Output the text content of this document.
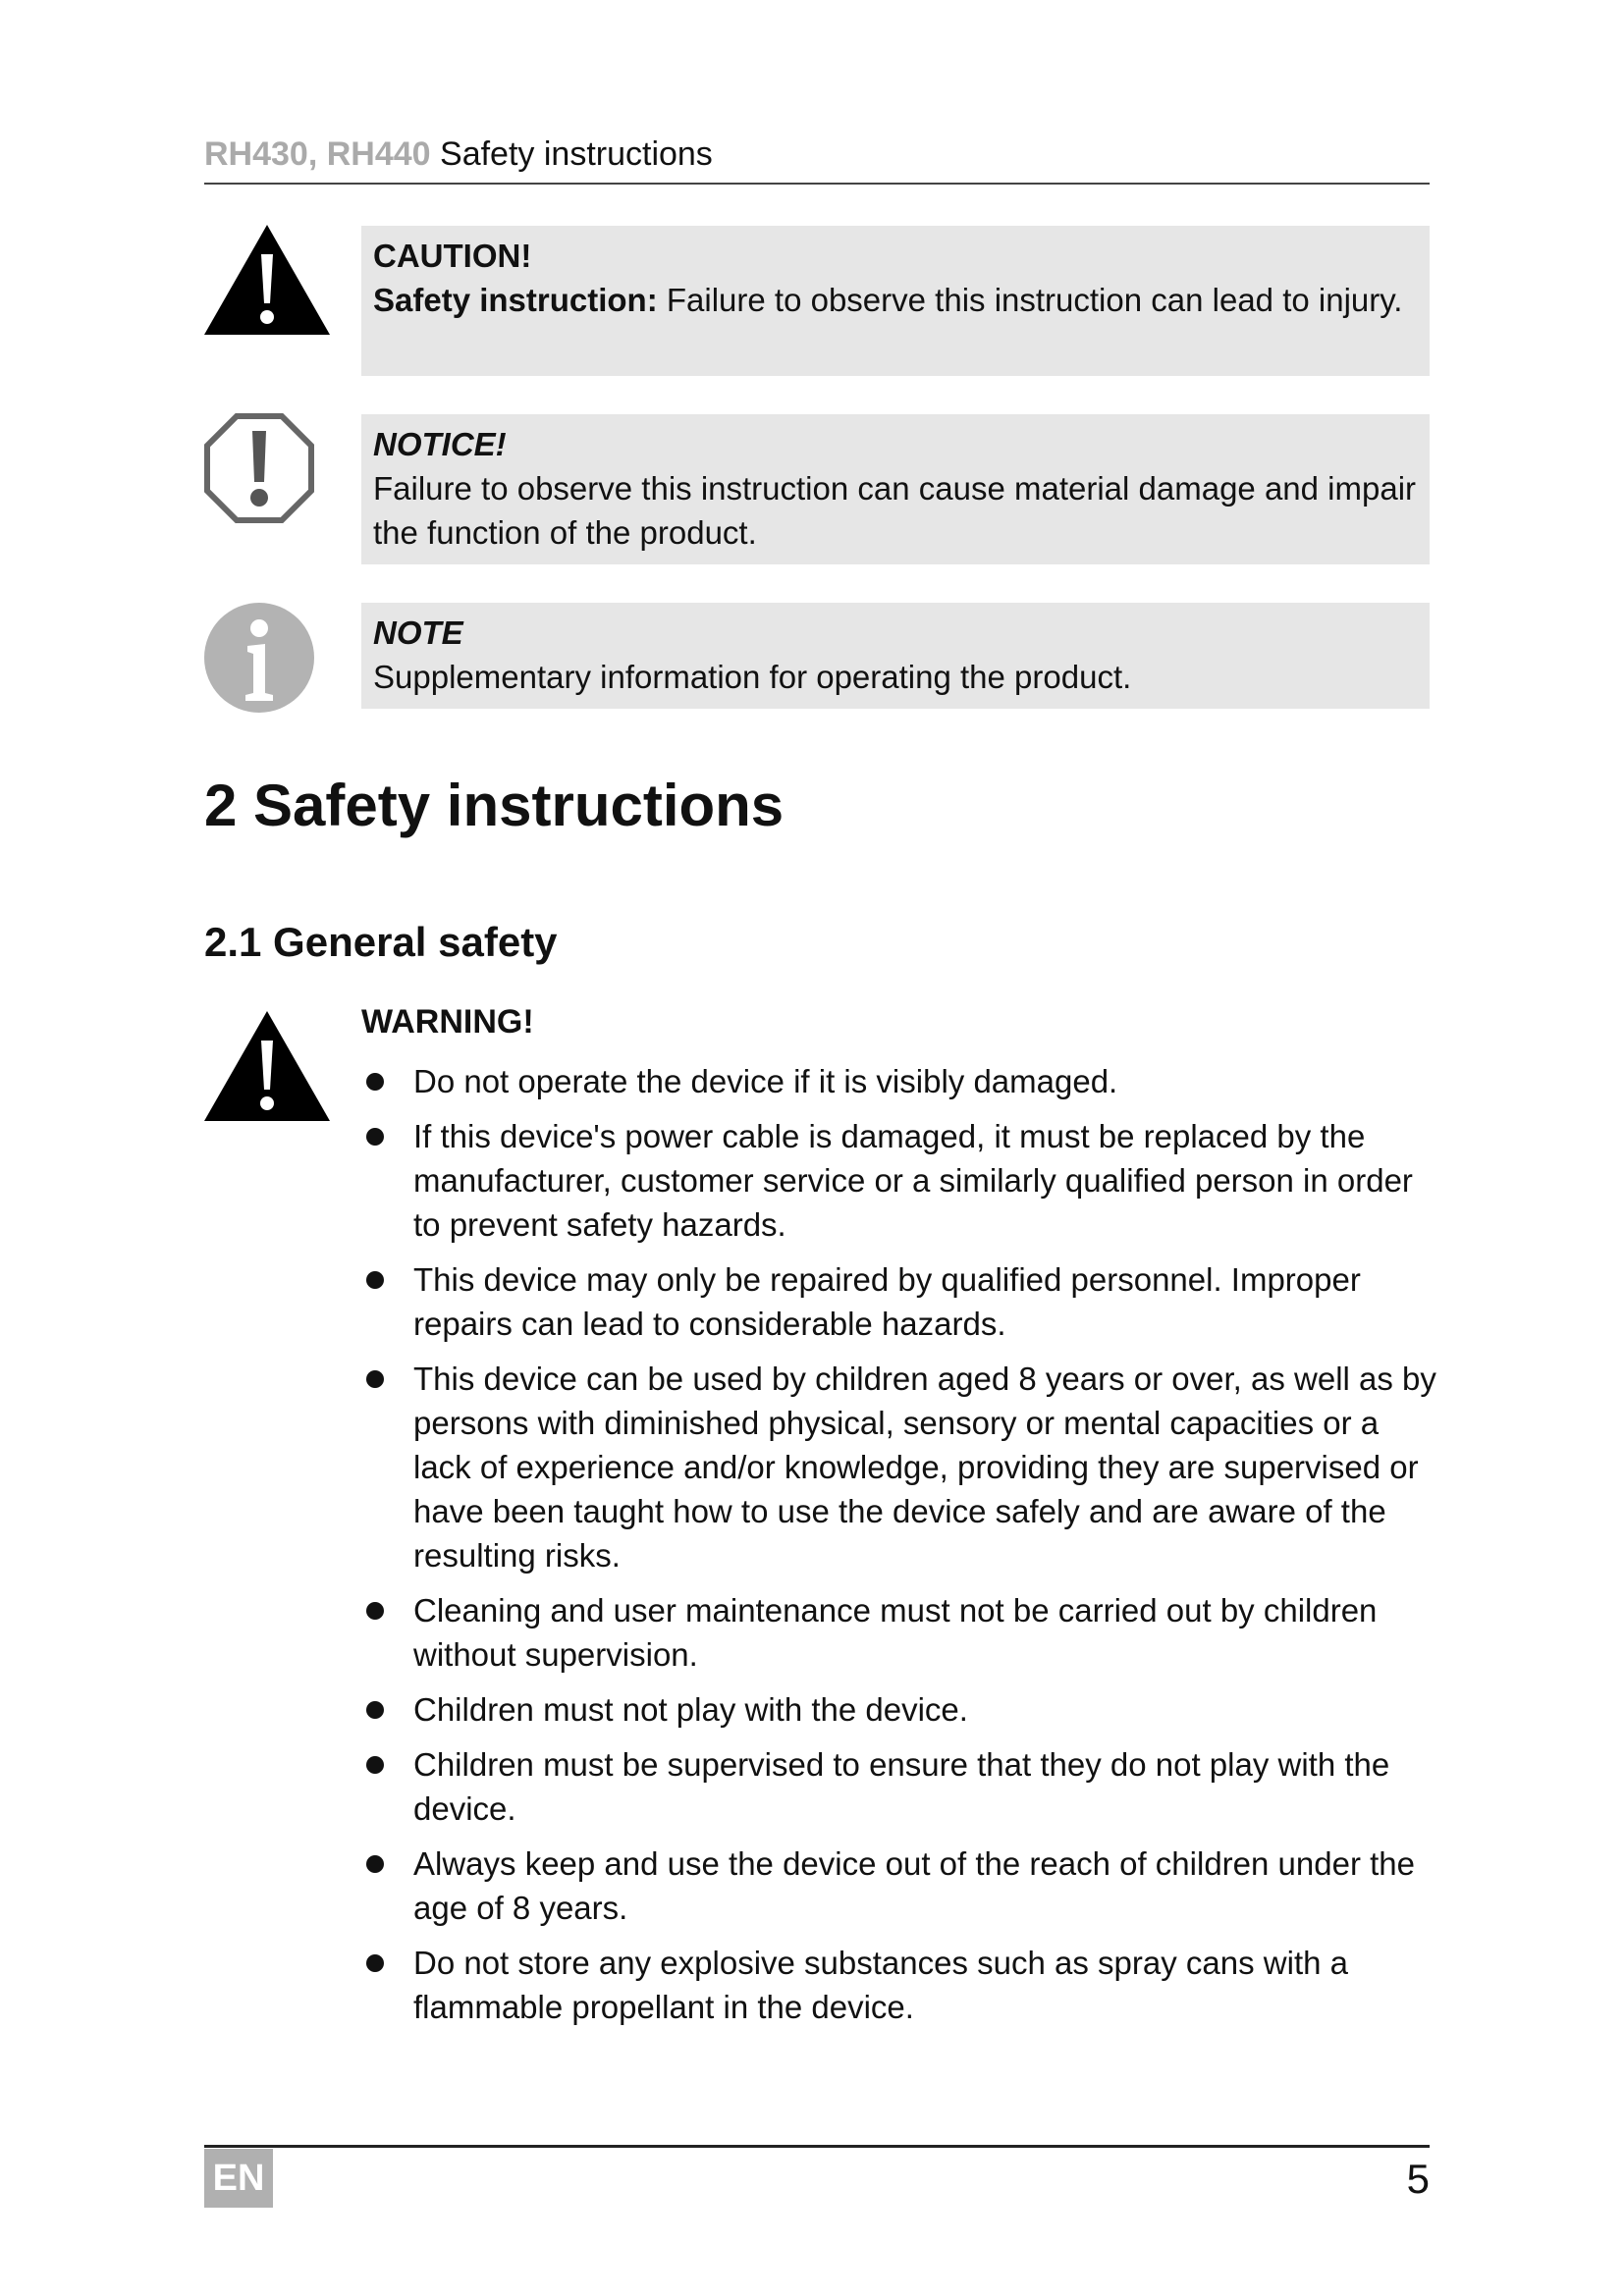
RH430, RH440 Safety instructions
CAUTION!
Safety instruction: Failure to observe this instruction can lead to injury.
NOTICE!
Failure to observe this instruction can cause material damage and impair the function of the product.
NOTE
Supplementary information for operating the product.
2 Safety instructions
2.1 General safety
WARNING!
Do not operate the device if it is visibly damaged.
If this device's power cable is damaged, it must be replaced by the manufacturer, customer service or a similarly qualified person in order to prevent safety hazards.
This device may only be repaired by qualified personnel. Improper repairs can lead to considerable hazards.
This device can be used by children aged 8 years or over, as well as by persons with diminished physical, sensory or mental capacities or a lack of experience and/or knowledge, providing they are supervised or have been taught how to use the device safely and are aware of the resulting risks.
Cleaning and user maintenance must not be carried out by children without supervision.
Children must not play with the device.
Children must be supervised to ensure that they do not play with the device.
Always keep and use the device out of the reach of children under the age of 8 years.
Do not store any explosive substances such as spray cans with a flammable propellant in the device.
EN	5
